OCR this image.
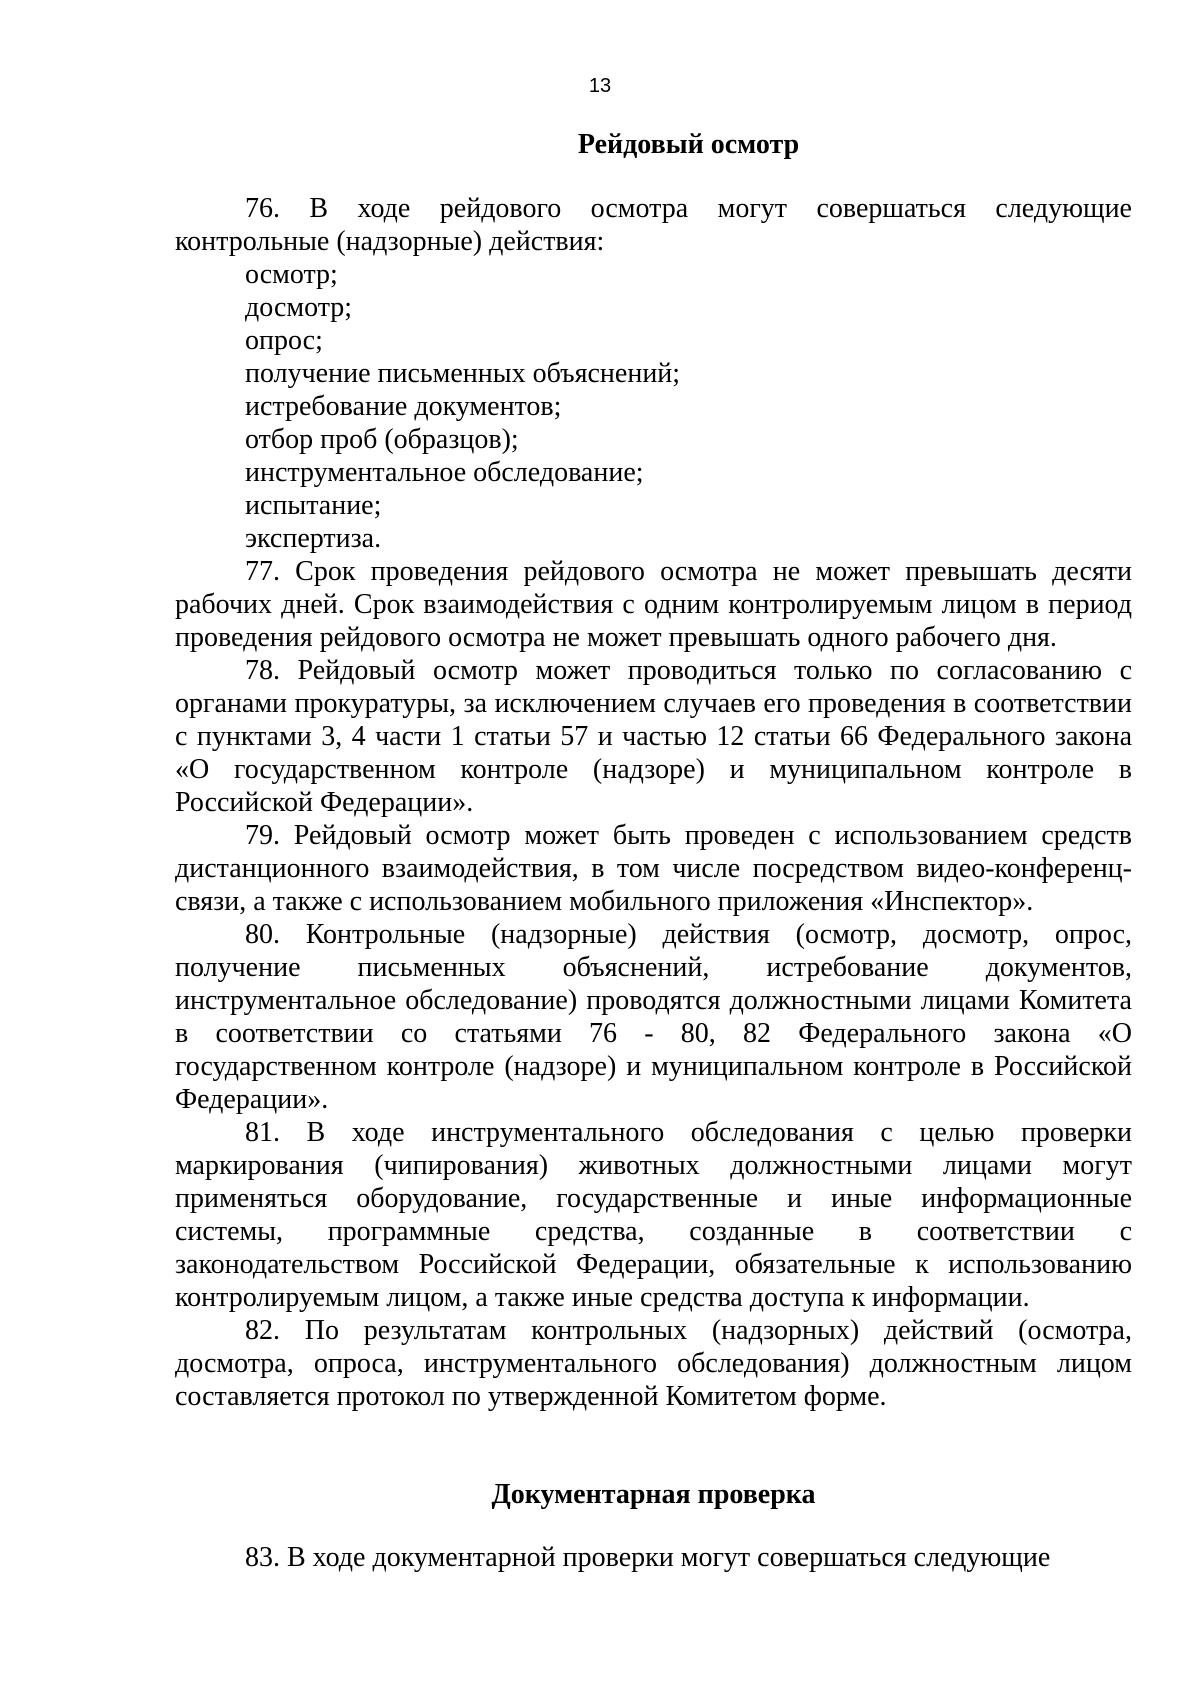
13
Рейдовый осмотр

76. В ходе рейдового осмотра могут совершаться следующие контрольные (надзорные) действия:

осмотр;

досмотр;

опрос;

получение письменных объяснений;

истребование документов;

отбор проб (образцов);

инструментальное обследование;

испытание;

экспертиза.

77. Срок проведения рейдового осмотра не может превышать десяти рабочих дней. Срок взаимодействия с одним контролируемым лицом в период проведения рейдового осмотра не может превышать одного рабочего дня.

78. Рейдовый осмотр может проводиться только по согласованию с органами прокуратуры, за исключением случаев его проведения в соответствии с пунктами 3, 4 части 1 статьи 57 и частью 12 статьи 66 Федерального закона «О государственном контроле (надзоре) и муниципальном контроле в Российской Федерации».

79. Рейдовый осмотр может быть проведен с использованием средств дистанционного взаимодействия, в том числе посредством видео-конференц-связи, а также с использованием мобильного приложения «Инспектор».

80. Контрольные (надзорные) действия (осмотр, досмотр, опрос, получение письменных объяснений, истребование документов, инструментальное обследование) проводятся должностными лицами Комитета в соответствии со статьями 76 - 80, 82 Федерального закона «О государственном контроле (надзоре) и муниципальном контроле в Российской Федерации».

81. В ходе инструментального обследования с целью проверки маркирования (чипирования) животных должностными лицами могут применяться оборудование, государственные и иные информационные системы, программные средства, созданные в соответствии с законодательством Российской Федерации, обязательные к использованию контролируемым лицом, а также иные средства доступа к информации.

82. По результатам контрольных (надзорных) действий (осмотра, досмотра, опроса, инструментального обследования) должностным лицом составляется протокол по утвержденной Комитетом форме.

Документарная проверка

83. В ходе документарной проверки могут совершаться следующие
